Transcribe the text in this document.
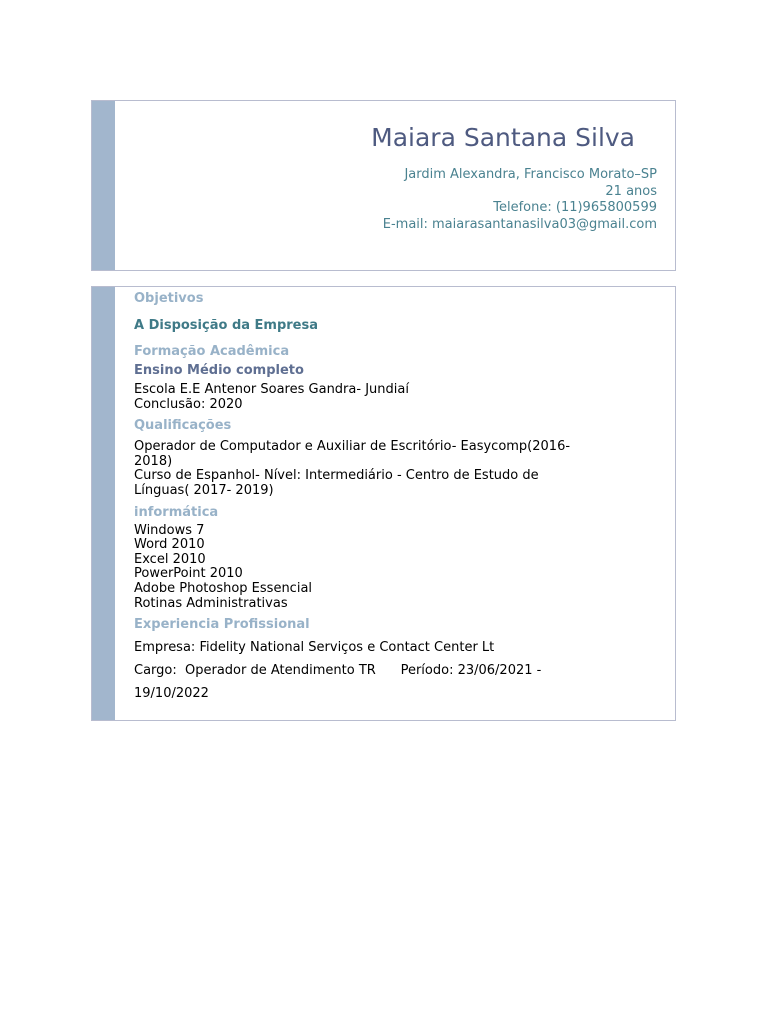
Maiara Santana Silva
Jardim Alexandra, Francisco Morato–SP
21 anos
Telefone: (11)965800599
E-mail: maiarasantanasilva03@gmail.com
Objetivos
A Disposição da Empresa
Formação Acadêmica
Ensino Médio completo
Escola E.E Antenor Soares Gandra- Jundiaí
Conclusão: 2020
Qualificações
Operador de Computador e Auxiliar de Escritório- Easycomp(2016-
2018)
Curso de Espanhol- Nível: Intermediário - Centro de Estudo de
Línguas( 2017- 2019)
informática
Windows 7
Word 2010
Excel 2010
PowerPoint 2010
Adobe Photoshop Essencial
Rotinas Administrativas
Experiencia Profissional
Empresa: Fidelity National Serviços e Contact Center Lt
Cargo:  Operador de Atendimento TR      Período: 23/06/2021 -
19/10/2022
